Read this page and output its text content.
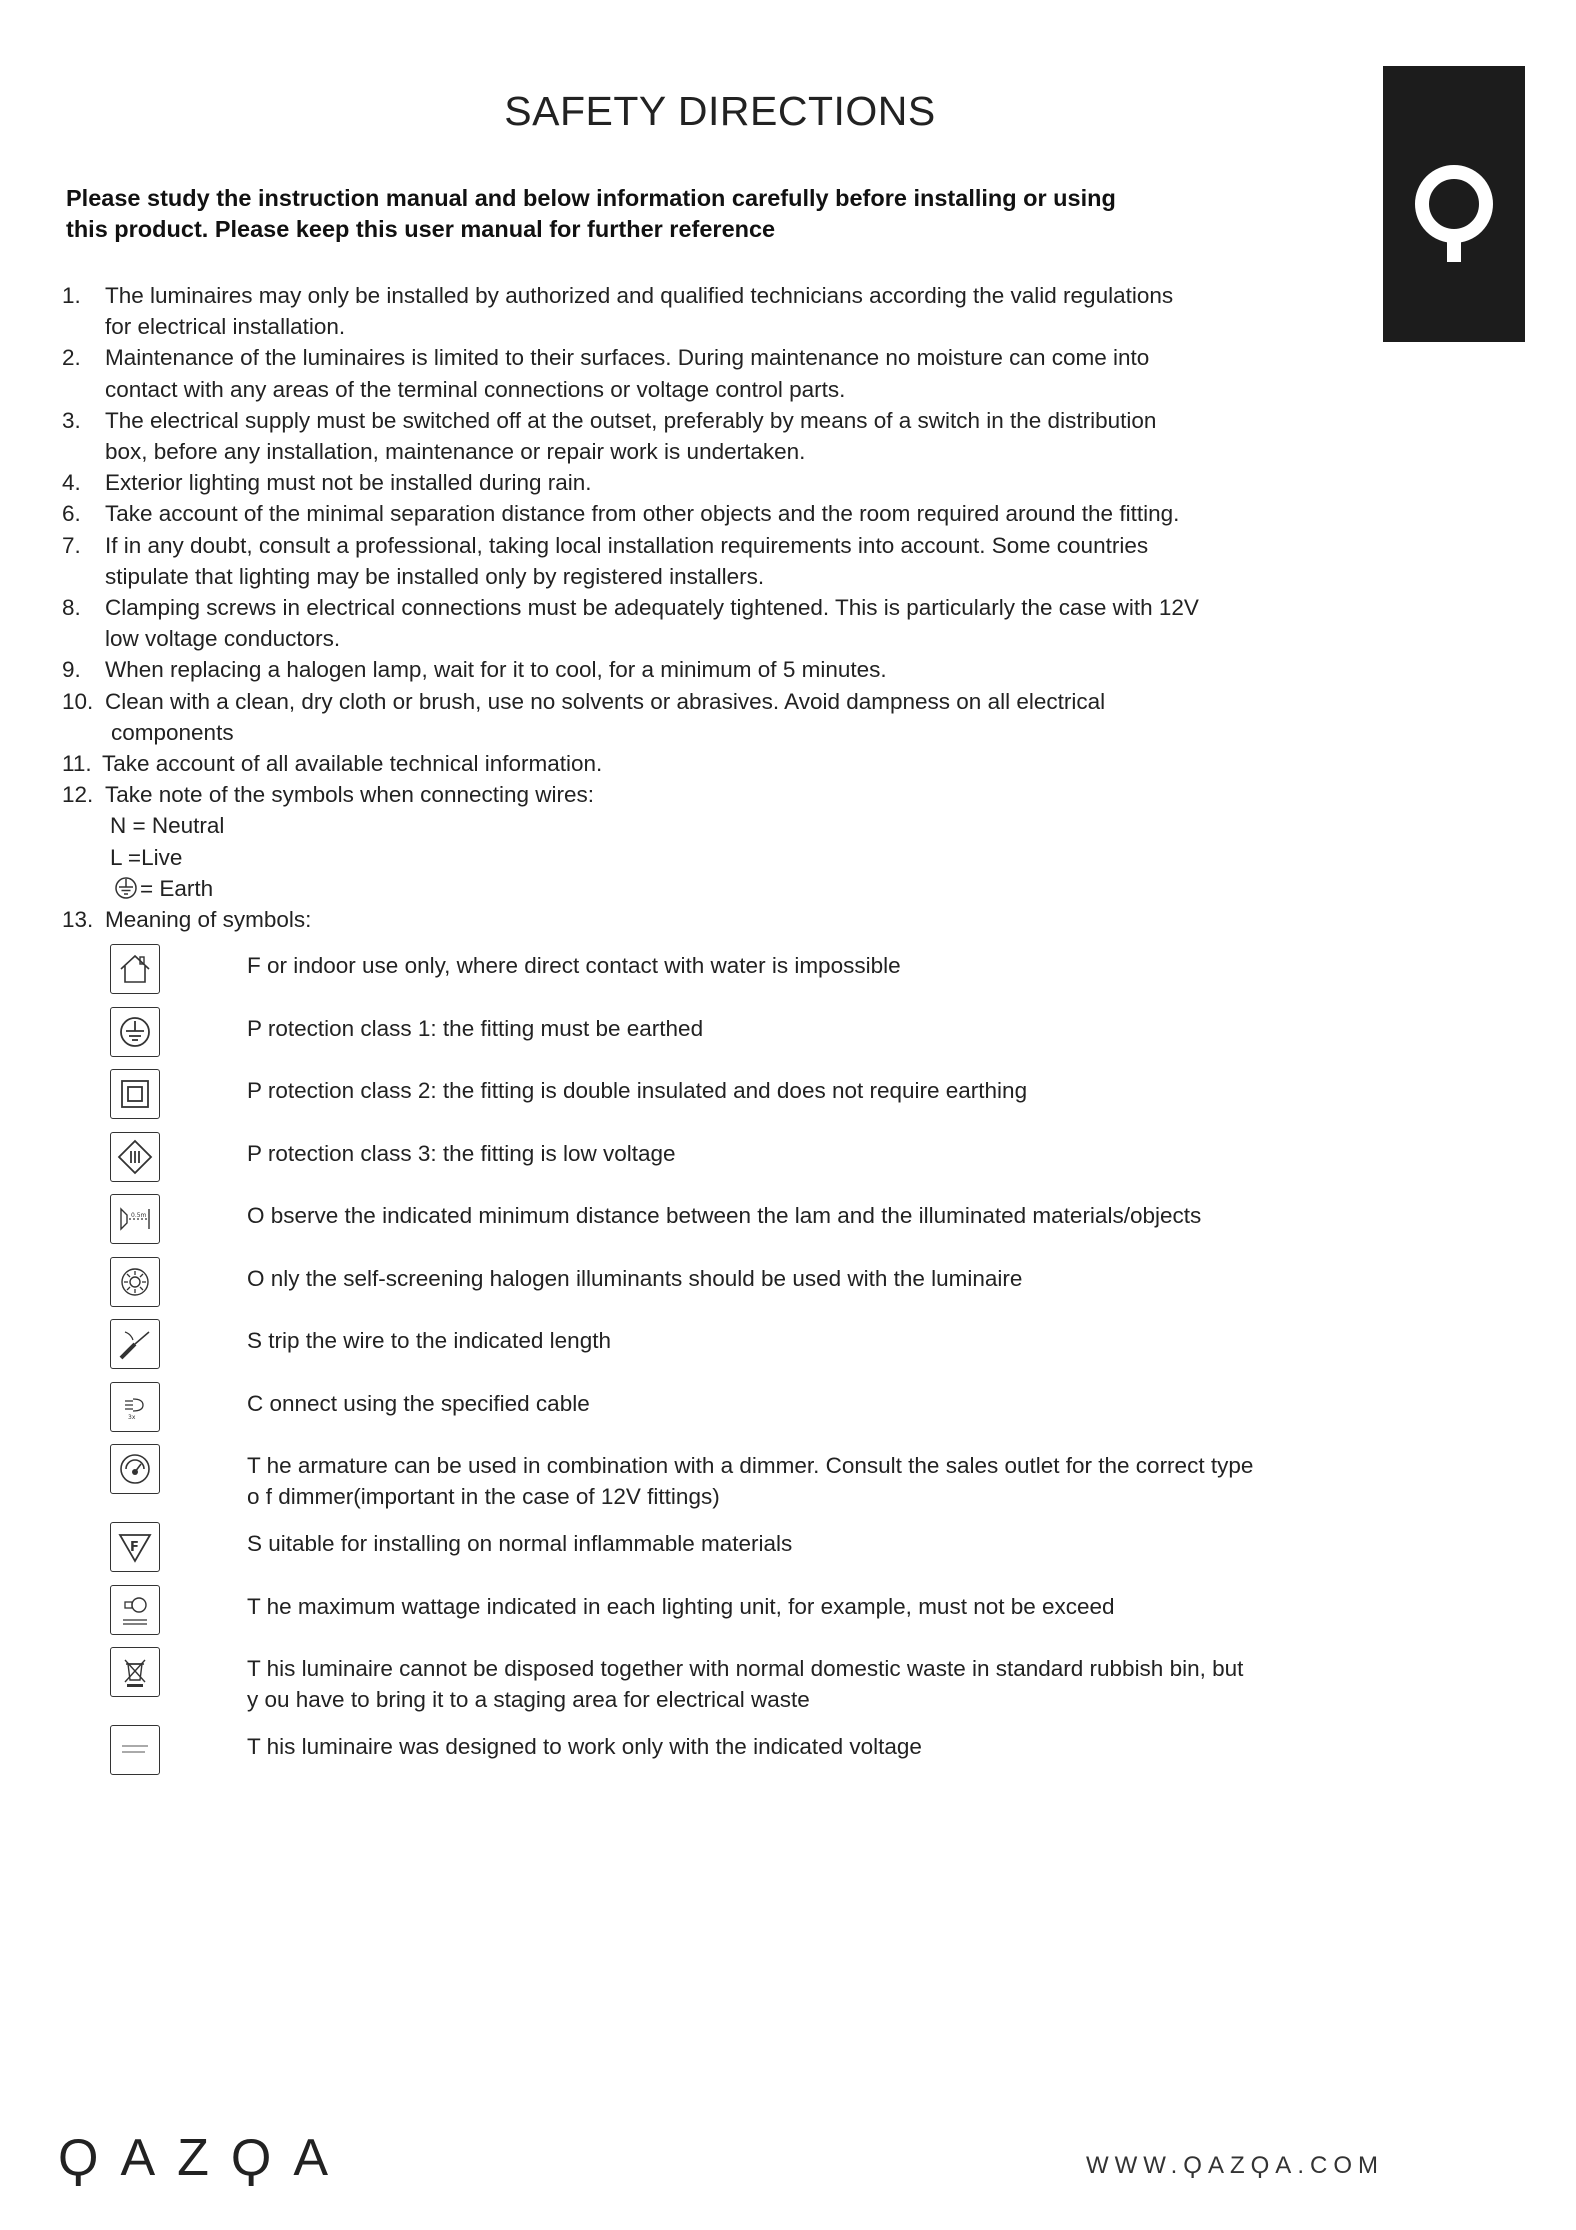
SAFETY DIRECTIONS
Please study the instruction manual and below information carefully before installing or using
this product. Please keep this user manual for further reference
1.	The luminaires may only be installed by authorized and qualified technicians according the valid regulations
for electrical installation.
2.	Maintenance of the luminaires is limited to their surfaces. During maintenance no moisture can come into
contact with any areas of the terminal connections or voltage control parts.
3.	The electrical supply must be switched off at the outset, preferably by means of a switch in the distribution
box, before any installation, maintenance or repair work is undertaken.
4.	Exterior lighting must not be installed during rain.
6.	Take account of the minimal separation distance from other objects and the room required around the fitting.
7.	If in any doubt, consult a professional, taking local installation requirements into account. Some countries
stipulate that lighting may be installed only by registered installers.
8.	Clamping screws in electrical connections must be adequately tightened. This is particularly the case with 12V
low voltage conductors.
9.	When replacing a halogen lamp, wait for it to cool, for a minimum of 5 minutes.
10. Clean with a clean, dry cloth or brush, use no solvents or abrasives. Avoid dampness on all electrical
components
11. Take account of all available technical information.
12. Take note of the symbols when connecting wires:
N = Neutral
L =Live
= Earth
13. Meaning of symbols:
F or indoor use only, where direct contact with water is impossible
P rotection class 1: the fitting must be earthed
P rotection class 2: the fitting is double insulated and does not require earthing
P rotection class 3: the fitting is low voltage
0.5m	O bserve the indicated minimum distance between the lam and the illuminated materials/objects
O nly the self-screening halogen illuminants should be used with the luminaire
S trip the wire to the indicated length
3x
C onnect using the specified cable
T he armature can be used in combination with a dimmer. Consult the sales outlet for the correct type
o f dimmer(important in the case of 12V fittings)
F	S uitable for installing on normal inflammable materials
T he maximum wattage indicated in each lighting unit, for example, must not be exceed
T his luminaire cannot be disposed together with normal domestic waste in standard rubbish bin, but
y ou have to bring it to a staging area for electrical waste
T his luminaire was designed to work only with the indicated voltage
ϘAZϘA	WWW.ϘAZϘA.COM
